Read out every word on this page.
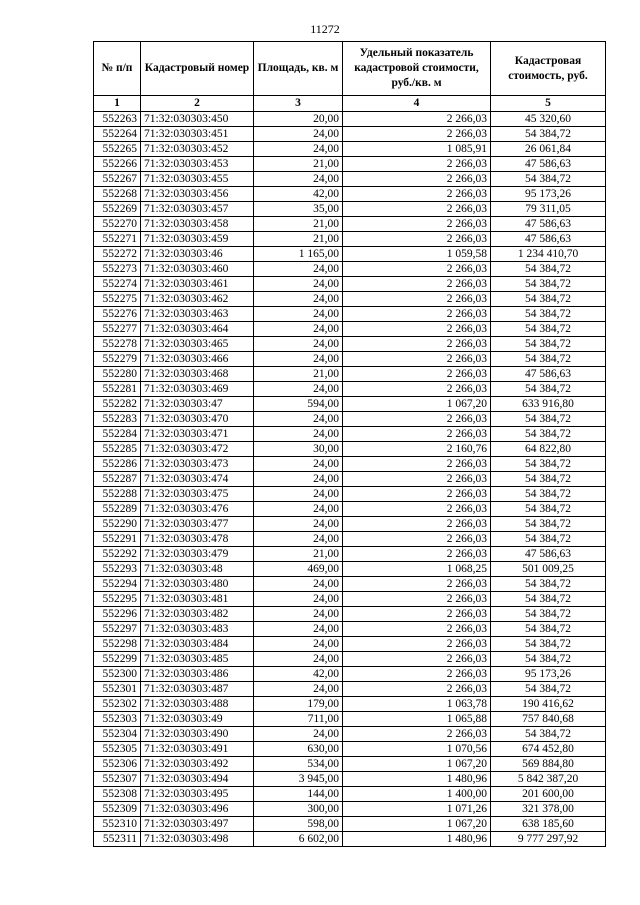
11272
№ п/п	Кадастровый номер	Площадь, кв. м	Удельный показатель кадастровой стоимости, руб./кв. м	Кадастровая стоимость, руб.
1	2	3	4	5
552263	71:32:030303:450	20,00	2 266,03	45 320,60
552264	71:32:030303:451	24,00	2 266,03	54 384,72
552265	71:32:030303:452	24,00	1 085,91	26 061,84
552266	71:32:030303:453	21,00	2 266,03	47 586,63
552267	71:32:030303:455	24,00	2 266,03	54 384,72
552268	71:32:030303:456	42,00	2 266,03	95 173,26
552269	71:32:030303:457	35,00	2 266,03	79 311,05
552270	71:32:030303:458	21,00	2 266,03	47 586,63
552271	71:32:030303:459	21,00	2 266,03	47 586,63
552272	71:32:030303:46	1 165,00	1 059,58	1 234 410,70
552273	71:32:030303:460	24,00	2 266,03	54 384,72
552274	71:32:030303:461	24,00	2 266,03	54 384,72
552275	71:32:030303:462	24,00	2 266,03	54 384,72
552276	71:32:030303:463	24,00	2 266,03	54 384,72
552277	71:32:030303:464	24,00	2 266,03	54 384,72
552278	71:32:030303:465	24,00	2 266,03	54 384,72
552279	71:32:030303:466	24,00	2 266,03	54 384,72
552280	71:32:030303:468	21,00	2 266,03	47 586,63
552281	71:32:030303:469	24,00	2 266,03	54 384,72
552282	71:32:030303:47	594,00	1 067,20	633 916,80
552283	71:32:030303:470	24,00	2 266,03	54 384,72
552284	71:32:030303:471	24,00	2 266,03	54 384,72
552285	71:32:030303:472	30,00	2 160,76	64 822,80
552286	71:32:030303:473	24,00	2 266,03	54 384,72
552287	71:32:030303:474	24,00	2 266,03	54 384,72
552288	71:32:030303:475	24,00	2 266,03	54 384,72
552289	71:32:030303:476	24,00	2 266,03	54 384,72
552290	71:32:030303:477	24,00	2 266,03	54 384,72
552291	71:32:030303:478	24,00	2 266,03	54 384,72
552292	71:32:030303:479	21,00	2 266,03	47 586,63
552293	71:32:030303:48	469,00	1 068,25	501 009,25
552294	71:32:030303:480	24,00	2 266,03	54 384,72
552295	71:32:030303:481	24,00	2 266,03	54 384,72
552296	71:32:030303:482	24,00	2 266,03	54 384,72
552297	71:32:030303:483	24,00	2 266,03	54 384,72
552298	71:32:030303:484	24,00	2 266,03	54 384,72
552299	71:32:030303:485	24,00	2 266,03	54 384,72
552300	71:32:030303:486	42,00	2 266,03	95 173,26
552301	71:32:030303:487	24,00	2 266,03	54 384,72
552302	71:32:030303:488	179,00	1 063,78	190 416,62
552303	71:32:030303:49	711,00	1 065,88	757 840,68
552304	71:32:030303:490	24,00	2 266,03	54 384,72
552305	71:32:030303:491	630,00	1 070,56	674 452,80
552306	71:32:030303:492	534,00	1 067,20	569 884,80
552307	71:32:030303:494	3 945,00	1 480,96	5 842 387,20
552308	71:32:030303:495	144,00	1 400,00	201 600,00
552309	71:32:030303:496	300,00	1 071,26	321 378,00
552310	71:32:030303:497	598,00	1 067,20	638 185,60
552311	71:32:030303:498	6 602,00	1 480,96	9 777 297,92
